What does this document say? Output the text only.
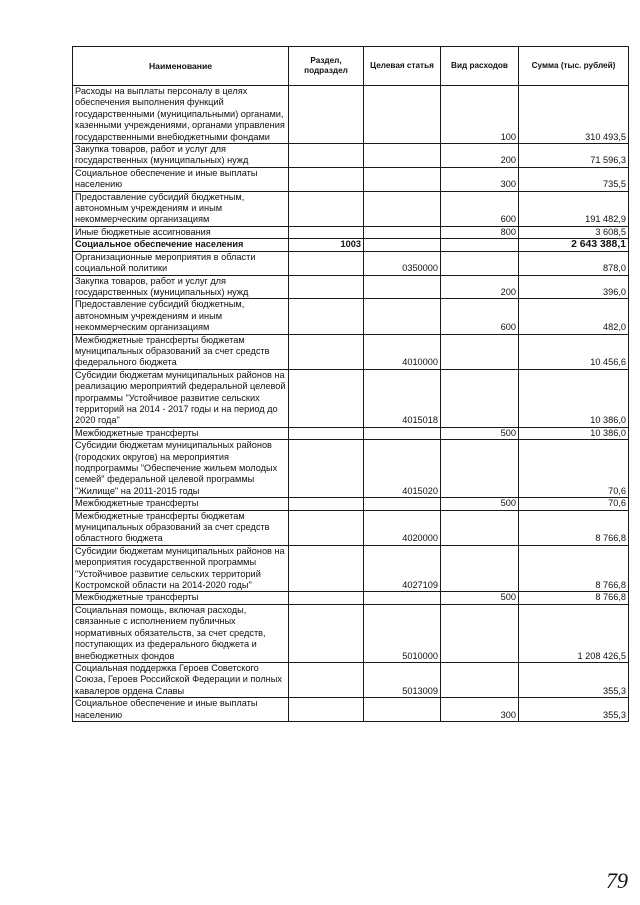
Наименование	Раздел, подраздел	Целевая статья	Вид расходов	Сумма (тыс. рублей)
Расходы на выплаты персоналу в целях обеспечения выполнения функций государственными (муниципальными) органами, казенными учреждениями, органами управления государственными внебюджетными фондами			100	310 493,5
Закупка товаров, работ и услуг для государственных (муниципальных) нужд			200	71 596,3
Социальное обеспечение и иные выплаты населению			300	735,5
Предоставление субсидий бюджетным, автономным учреждениям и иным некоммерческим организациям			600	191 482,9
Иные бюджетные ассигнования			800	3 608,5
Социальное обеспечение населения	1003			2 643 388,1
Организационные мероприятия в области социальной политики		0350000		878,0
Закупка товаров, работ и услуг для государственных (муниципальных) нужд			200	396,0
Предоставление субсидий бюджетным, автономным учреждениям и иным некоммерческим организациям			600	482,0
Межбюджетные трансферты бюджетам муниципальных образований за счет средств федерального бюджета		4010000		10 456,6
Субсидии бюджетам муниципальных районов на реализацию мероприятий федеральной целевой программы "Устойчивое развитие сельских территорий на 2014 - 2017 годы и на период до 2020 года"		4015018		10 386,0
Межбюджетные трансферты			500	10 386,0
Субсидии бюджетам муниципальных районов (городских округов) на мероприятия подпрограммы "Обеспечение жильем молодых семей" федеральной целевой программы "Жилище" на 2011-2015 годы		4015020		70,6
Межбюджетные трансферты			500	70,6
Межбюджетные трансферты бюджетам муниципальных образований за счет средств областного бюджета		4020000		8 766,8
Субсидии бюджетам муниципальных районов на мероприятия государственной программы "Устойчивое развитие сельских территорий Костромской области на 2014-2020 годы"		4027109		8 766,8
Межбюджетные трансферты			500	8 766,8
Социальная помощь, включая расходы, связанные с исполнением публичных нормативных обязательств, за счет средств, поступающих из федерального бюджета и внебюджетных фондов		5010000		1 208 426,5
Социальная поддержка Героев Советского Союза, Героев Российской Федерации и полных кавалеров ордена Славы		5013009		355,3
Социальное обеспечение и иные выплаты населению			300	355,3
79
